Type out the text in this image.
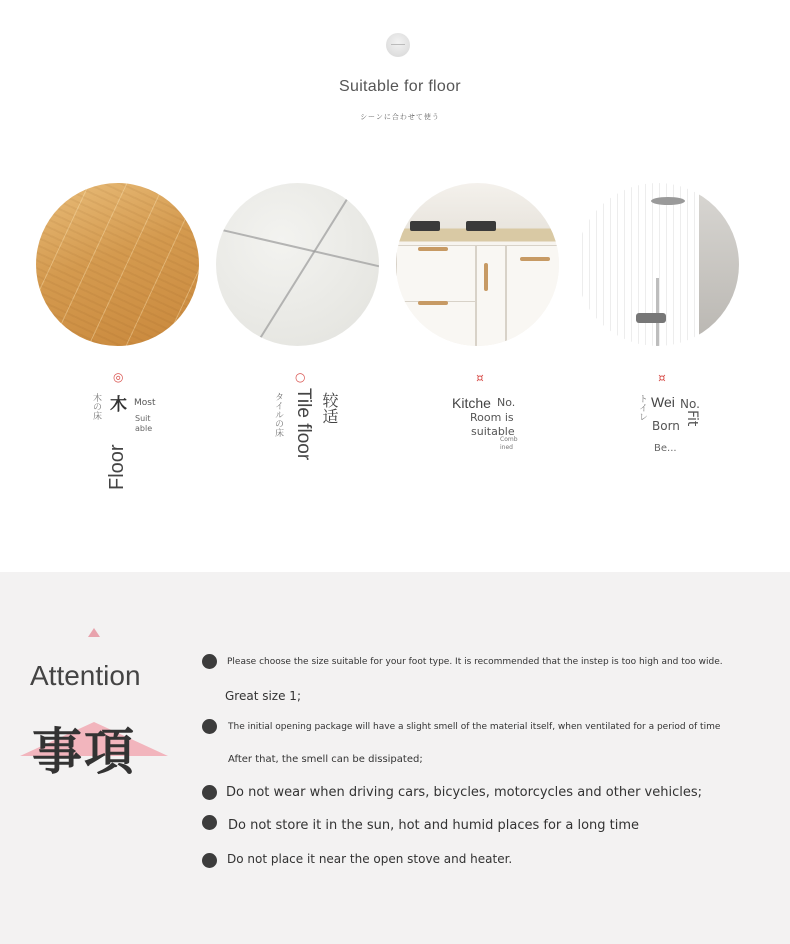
Suitable for floor
シーンに合わせて使う
◎
木
Floor
木の床	Most
Suit
able
○
Tile floor
タイルの床 较适
¤
Kitche No.
Room is
suitable
Comb
ined
¤
トイレ Wei
Born
Be...
No.
Fit
Attention
事項
Please choose the size suitable for your foot type. It is recommended that the instep is too high and too wide.
Great size 1;
The initial opening package will have a slight smell of the material itself, when ventilated for a period of time
After that, the smell can be dissipated;
Do not wear when driving cars, bicycles, motorcycles and other vehicles;
Do not store it in the sun, hot and humid places for a long time
Do not place it near the open stove and heater.
